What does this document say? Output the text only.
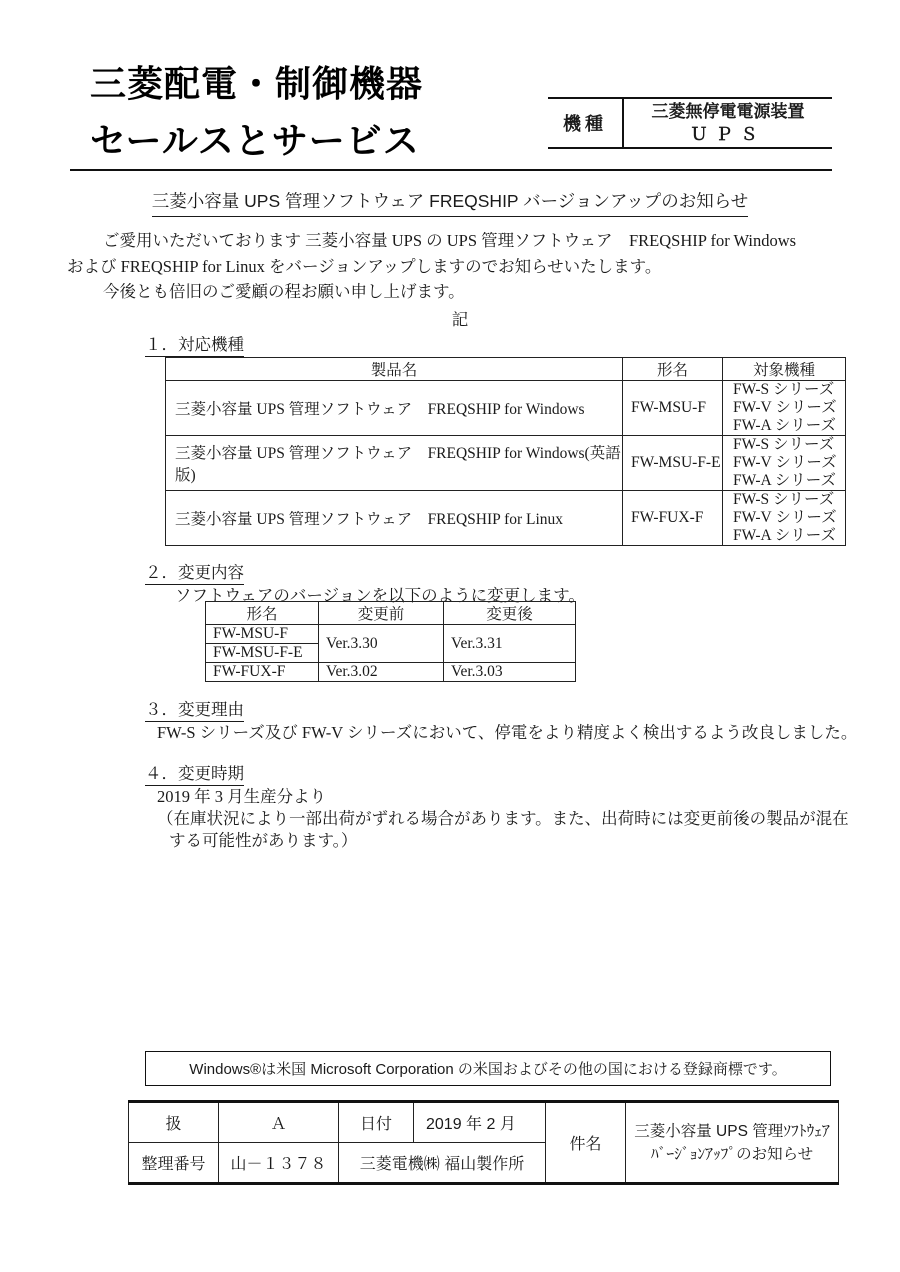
三菱配電・制御機器
セールスとサービス	機種
三菱無停電電源装置
ＵＰＳ
三菱小容量 UPS 管理ソフトウェア FREQSHIP バージョンアップのお知らせ
ご愛用いただいております 三菱小容量 UPS の UPS 管理ソフトウェア　FREQSHIP for Windows
および FREQSHIP for Linux をバージョンアップしますのでお知らせいたします。
今後とも倍旧のご愛顧の程お願い申し上げます。
記
１．対応機種
製品名	形名	対象機種
三菱小容量 UPS 管理ソフトウェア　FREQSHIP for Windows	FW-MSU-F	FW-S シリーズ
FW-V シリーズ
FW-A シリーズ

三菱小容量 UPS 管理ソフトウェア　FREQSHIP for Windows(英語版)	FW-MSU-F-E	FW-S シリーズ
FW-V シリーズ
FW-A シリーズ

三菱小容量 UPS 管理ソフトウェア　FREQSHIP for Linux	FW-FUX-F	FW-S シリーズ
FW-V シリーズ
FW-A シリーズ
２．変更内容
ソフトウェアのバージョンを以下のように変更します。
形名	変更前	変更後
FW-MSU-F	Ver.3.30	Ver.3.31
FW-MSU-F-E		
FW-FUX-F	Ver.3.02	Ver.3.03
３．変更理由
FW-S シリーズ及び FW-V シリーズにおいて、停電をより精度よく検出するよう改良しました。
４．変更時期
2019 年 3 月生産分より
（在庫状況により一部出荷がずれる場合があります。また、出荷時には変更前後の製品が混在
する可能性があります。）
Windows®は米国 Microsoft Corporation の米国およびその他の国における登録商標です。
扱	Ａ	日付	2019 年 2 月	件名	三菱小容量 UPS 管理ｿﾌﾄｳｪｱ
ﾊﾞｰｼﾞｮﾝｱｯﾌﾟのお知らせ

整理番号	山－１３７８	三菱電機㈱ 福山製作所			
